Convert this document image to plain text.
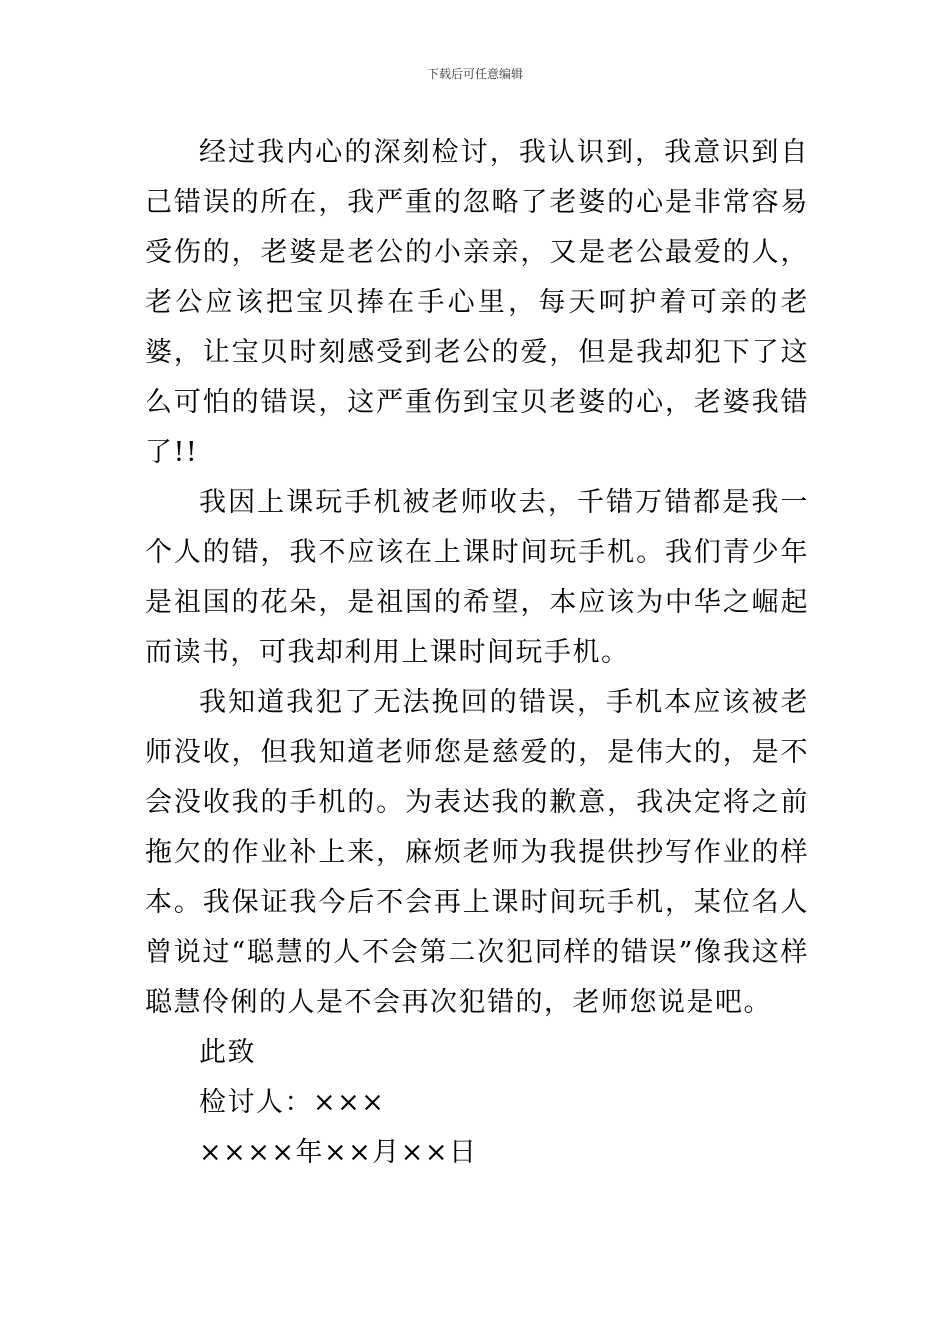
下载后可任意编辑

经过我内心的深刻检讨，我认识到，我意识到自己错误的所在，我严重的忽略了老婆的心是非常容易受伤的，老婆是老公的小亲亲，又是老公最爱的人，老公应该把宝贝捧在手心里，每天呵护着可亲的老婆，让宝贝时刻感受到老公的爱，但是我却犯下了这么可怕的错误，这严重伤到宝贝老婆的心，老婆我错了!!

我因上课玩手机被老师收去，千错万错都是我一个人的错，我不应该在上课时间玩手机。我们青少年是祖国的花朵，是祖国的希望，本应该为中华之崛起而读书，可我却利用上课时间玩手机。

我知道我犯了无法挽回的错误，手机本应该被老师没收，但我知道老师您是慈爱的，是伟大的，是不会没收我的手机的。为表达我的歉意，我决定将之前拖欠的作业补上来，麻烦老师为我提供抄写作业的样本。我保证我今后不会再上课时间玩手机，某位名人曾说过“聪慧的人不会第二次犯同样的错误”像我这样聪慧伶俐的人是不会再次犯错的，老师您说是吧。

此致

检讨人：×××

××××年××月××日
